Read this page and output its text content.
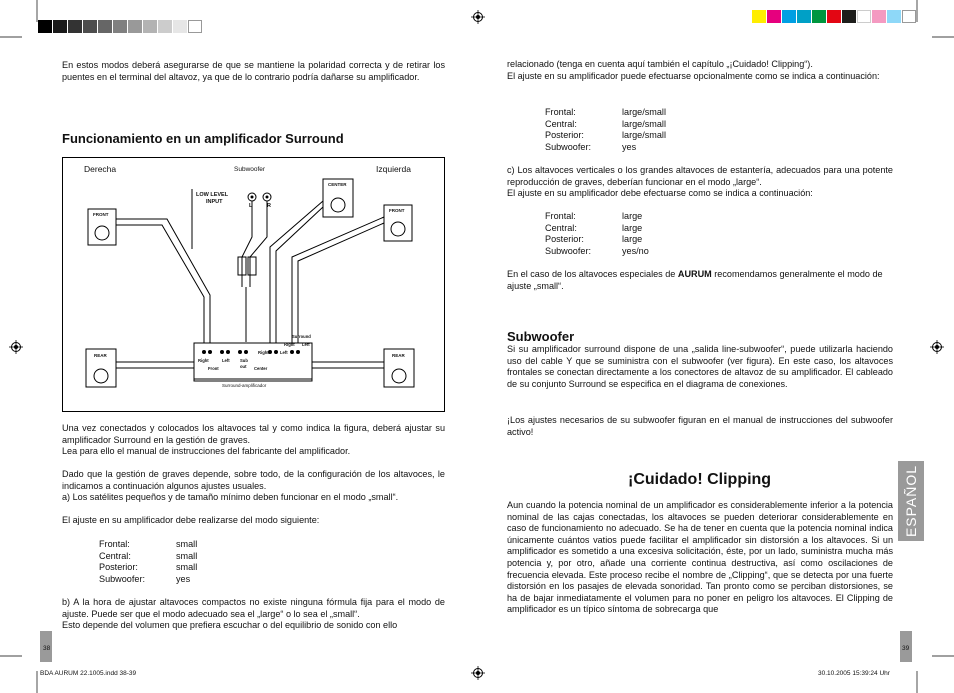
En estos modos deberá asegurarse de que se mantiene la polaridad correcta y de retirar los puentes en el terminal del altavoz, ya que de lo contrario podría dañarse su amplificador.
Funcionamiento en un amplificador Surround
Derecha	Izquierda
Subwoofer
LOW LEVEL
INPUT
L	R
FRONT
FRONT
CENTER
REAR	REAR
Surround
Right Left
Right	Left
Front
Sub
out Center
Right	Left
Surround-amplificador
Una vez conectados y colocados los altavoces tal y como indica la figura, deberá ajustar su amplificador Surround en la gestión de graves.
Lea para ello el manual de instrucciones del fabricante del amplificador.
Dado que la gestión de graves depende, sobre todo, de la configuración de los altavoces, le indicamos a continuación algunos ajustes usuales.
a) Los satélites pequeños y de tamaño mínimo deben funcionar en el modo „small“.
El ajuste en su amplificador debe realizarse del modo siguiente:
Frontal:	small
Central:	small
Posterior:	small
Subwoofer:	yes
b) A la hora de ajustar altavoces compactos no existe ninguna fórmula fija para el modo de ajuste. Puede ser que el modo adecuado sea el „large“ o lo sea el „small“.
Esto depende del volumen que prefiera escuchar o del equilibrio de sonido con ello
38
relacionado (tenga en cuenta aquí también el capítulo „¡Cuidado! Clipping“).
El ajuste en su amplificador puede efectuarse opcionalmente como se indica a continuación:
Frontal:	large/small
Central:	large/small
Posterior:	large/small
Subwoofer:	yes
c) Los altavoces verticales o los grandes altavoces de estantería, adecuados para una potente reproducción de graves, deberían funcionar en el modo „large“.
El ajuste en su amplificador debe efectuarse como se indica a continuación:
Frontal:	large
Central:	large
Posterior:	large
Subwoofer:	yes/no
En el caso de los altavoces especiales de AURUM recomendamos generalmente el modo de ajuste „small“.
Subwoofer
Si su amplificador surround dispone de una „salida line-subwoofer“, puede utilizarla haciendo uso del cable Y que se suministra con el subwoofer (ver figura). En este caso, los altavoces frontales se conectan directamente a los conectores de altavoz de su amplificador. El cableado de su conjunto Surround se especifica en el diagrama de conexiones.
¡Los ajustes necesarios de su subwoofer figuran en el manual de instrucciones del subwoofer activo!
¡Cuidado! Clipping
Aun cuando la potencia nominal de un amplificador es considerablemente inferior a la potencia nominal de las cajas conectadas, los altavoces se pueden deteriorar considerablemente en caso de funcionamiento no adecuado. Se ha de tener en cuenta que la potencia nominal indica únicamente cuántos vatios puede facilitar el amplificador sin distorsión a los altavoces. Si un amplificador es sometido a una excesiva solicitación, éste, por un lado, suministra mucha más potencia y, por otro, añade una corriente continua destructiva, así como oscilaciones de frecuencia elevada. Este proceso recibe el nombre de „Clipping“, que se detecta por una fuerte distorsión en los pasajes de elevada sonoridad. Tan pronto como se perciban distorsiones, se ha de bajar inmediatamente el volumen para no poner en peligro los altavoces. El Clipping de amplificador es un típico síntoma de sobrecarga que
ESPAÑOL
39
BDA AURUM 22.1005.indd 38-39	30.10.2005 15:39:24 Uhr
